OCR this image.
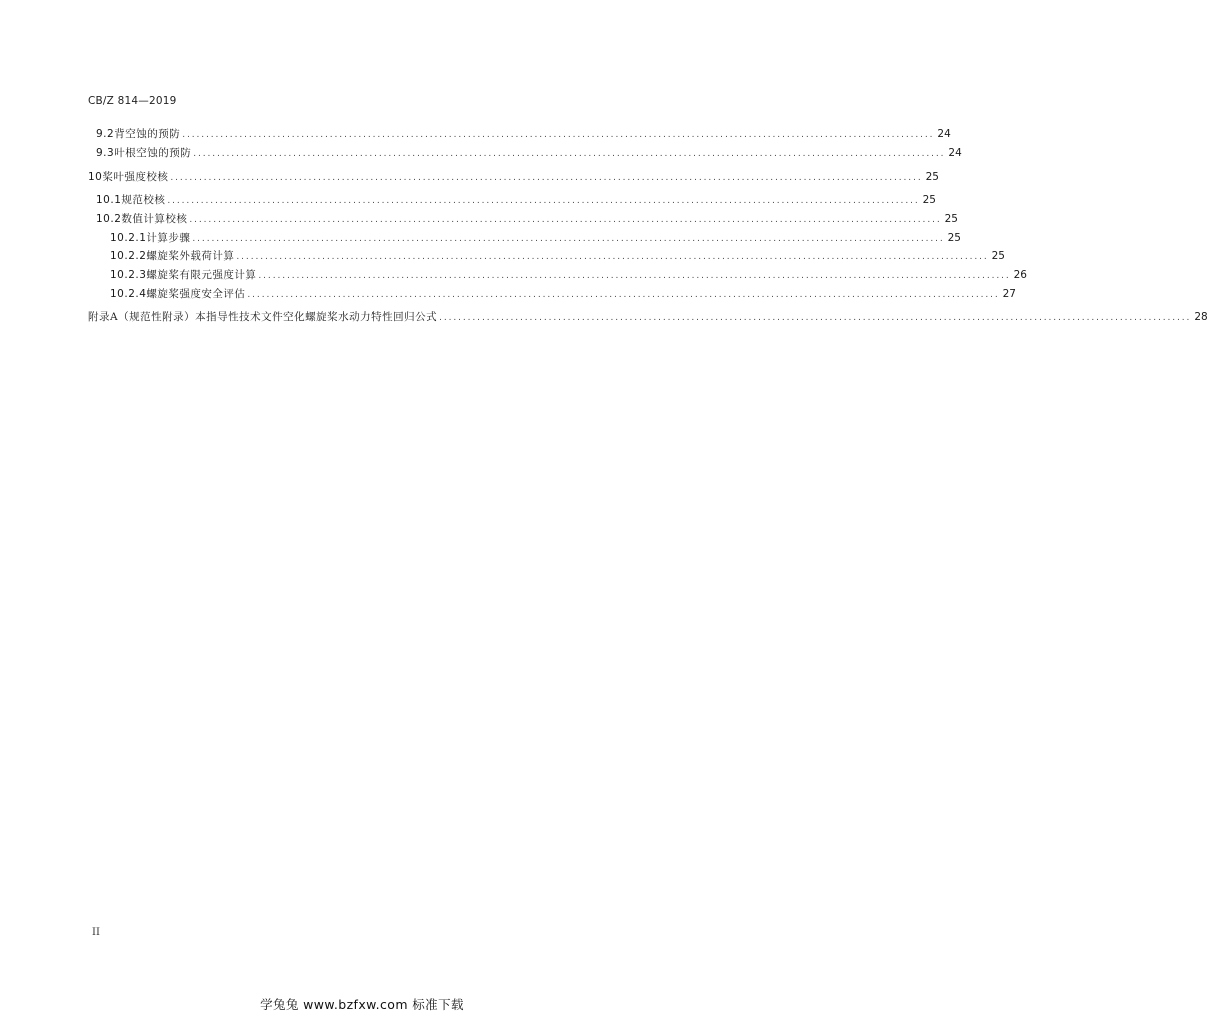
CB/Z 814—2019
9.2 背空蚀的预防 .............................................................................................................................................................. 24
9.3 叶根空蚀的预防 .............................................................................................................................................................. 24
10 桨叶强度校核 .............................................................................................................................................................. 25
10.1 规范校核 .............................................................................................................................................................. 25
10.2 数值计算校核 .............................................................................................................................................................. 25
10.2.1 计算步骤 .............................................................................................................................................................. 25
10.2.2 螺旋桨外载荷计算 .............................................................................................................................................................. 25
10.2.3 螺旋桨有限元强度计算 .............................................................................................................................................................. 26
10.2.4 螺旋桨强度安全评估 .............................................................................................................................................................. 27
附录A（规范性附录） 本指导性技术文件空化螺旋桨水动力特性回归公式 .............................................................................................................................................................. 28
II
学兔兔 www.bzfxw.com 标准下载
